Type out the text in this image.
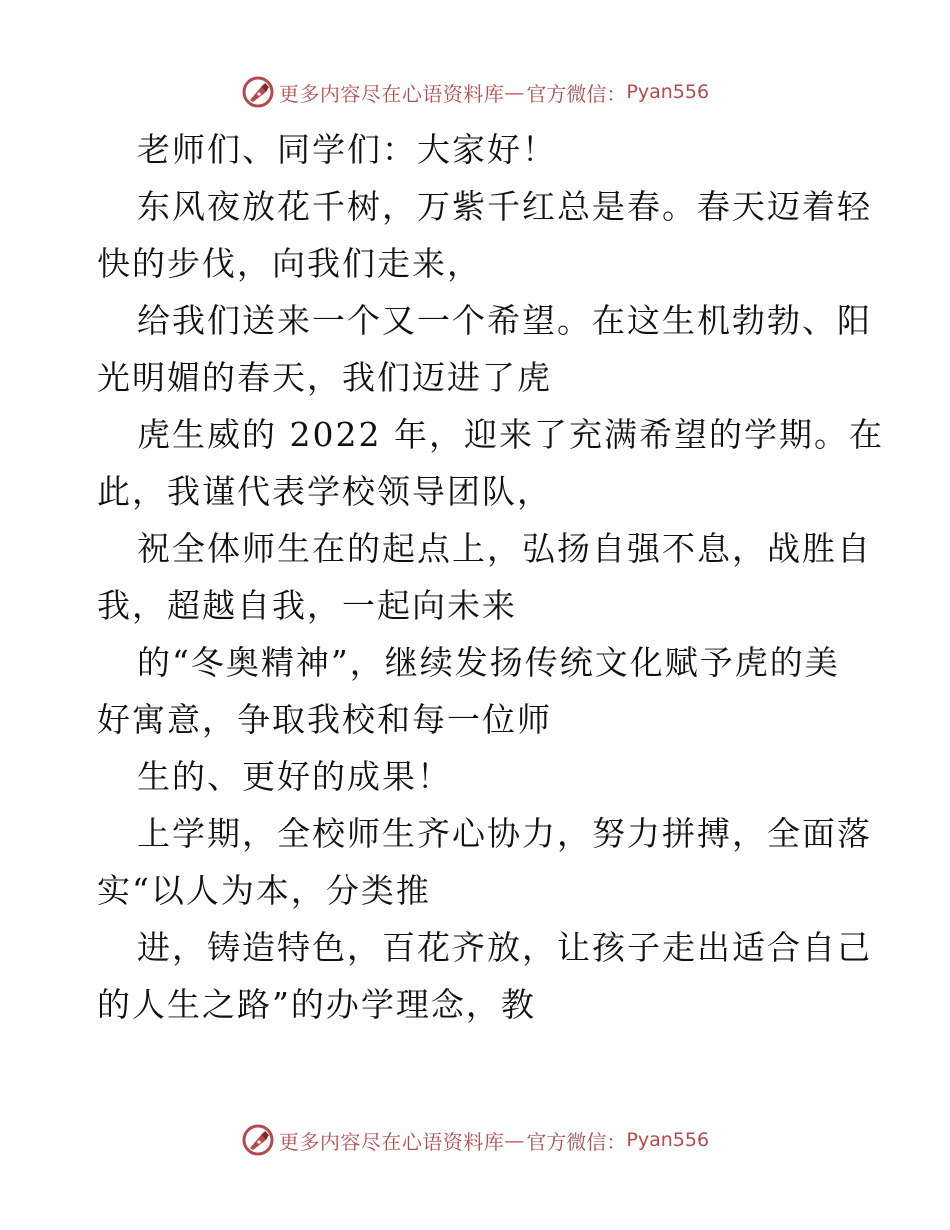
更多内容尽在心语资料库 — 官方微信： Pyan556
老师们、同学们：大家好！
东风夜放花千树，万紫千红总是春。春天迈着轻
快的步伐，向我们走来，
给我们送来一个又一个希望。在这生机勃勃、阳
光明媚的春天，我们迈进了虎
虎生威的 2022 年，迎来了充满希望的学期。在
此，我谨代表学校领导团队，
祝全体师生在的起点上，弘扬自强不息，战胜自
我，超越自我，一起向未来
的“冬奥精神”，继续发扬传统文化赋予虎的美
好寓意，争取我校和每一位师
生的、更好的成果！
上学期，全校师生齐心协力，努力拼搏，全面落
实“以人为本，分类推
进，铸造特色，百花齐放，让孩子走出适合自己
的人生之路”的办学理念，教
更多内容尽在心语资料库 — 官方微信： Pyan556
